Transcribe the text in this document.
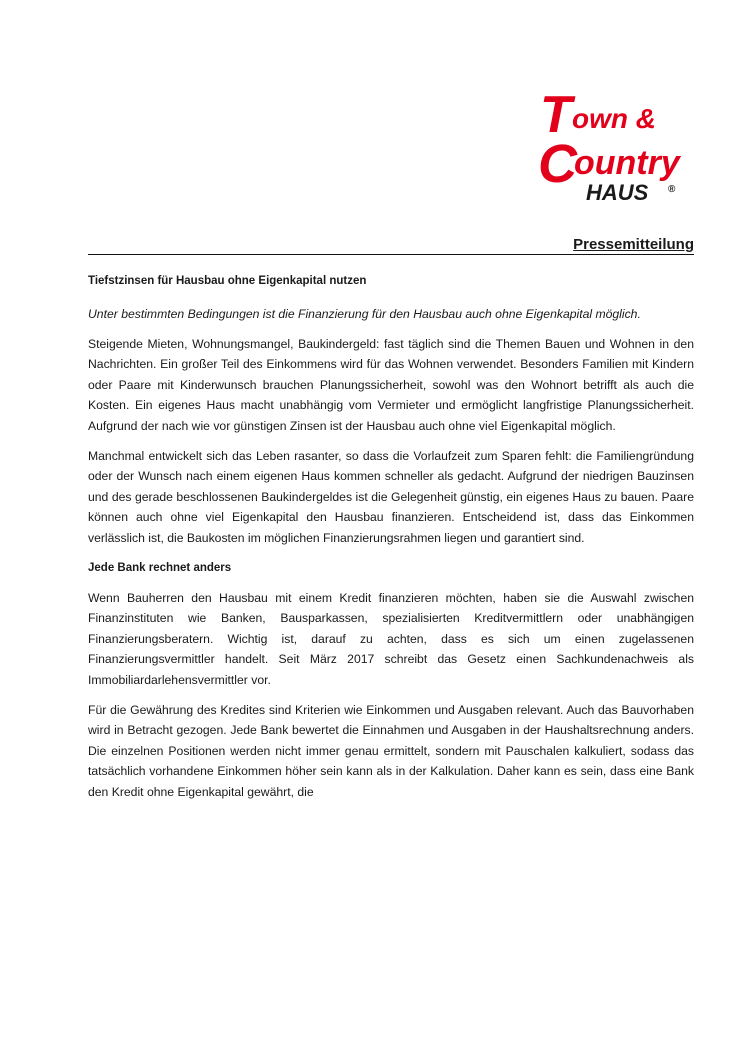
T own &
C
ountry
HAUS ®
Pressemitteilung
Tiefstzinsen für Hausbau ohne Eigenkapital nutzen

Unter bestimmten Bedingungen ist die Finanzierung für den Hausbau auch ohne Eigenkapital möglich.

Steigende Mieten, Wohnungsmangel, Baukindergeld: fast täglich sind die Themen Bauen und Wohnen in den Nachrichten. Ein großer Teil des Einkommens wird für das Wohnen verwendet. Besonders Familien mit Kindern oder Paare mit Kinderwunsch brauchen Planungssicherheit, sowohl was den Wohnort betrifft als auch die Kosten. Ein eigenes Haus macht unabhängig vom Vermieter und ermöglicht langfristige Planungssicherheit. Aufgrund der nach wie vor günstigen Zinsen ist der Hausbau auch ohne viel Eigenkapital möglich.

Manchmal entwickelt sich das Leben rasanter, so dass die Vorlaufzeit zum Sparen fehlt: die Familiengründung oder der Wunsch nach einem eigenen Haus kommen schneller als gedacht. Aufgrund der niedrigen Bauzinsen und des gerade beschlossenen Baukindergeldes ist die Gelegenheit günstig, ein eigenes Haus zu bauen. Paare können auch ohne viel Eigenkapital den Hausbau finanzieren. Entscheidend ist, dass das Einkommen verlässlich ist, die Baukosten im möglichen Finanzierungsrahmen liegen und garantiert sind.

Jede Bank rechnet anders

Wenn Bauherren den Hausbau mit einem Kredit finanzieren möchten, haben sie die Auswahl zwischen Finanzinstituten wie Banken, Bausparkassen, spezialisierten Kreditvermittlern oder unabhängigen Finanzierungsberatern. Wichtig ist, darauf zu achten, dass es sich um einen zugelassenen Finanzierungsvermittler handelt. Seit März 2017 schreibt das Gesetz einen Sachkundenachweis als Immobiliardarlehensvermittler vor.

Für die Gewährung des Kredites sind Kriterien wie Einkommen und Ausgaben relevant. Auch das Bauvorhaben wird in Betracht gezogen. Jede Bank bewertet die Einnahmen und Ausgaben in der Haushaltsrechnung anders. Die einzelnen Positionen werden nicht immer genau ermittelt, sondern mit Pauschalen kalkuliert, sodass das tatsächlich vorhandene Einkommen höher sein kann als in der Kalkulation. Daher kann es sein, dass eine Bank den Kredit ohne Eigenkapital gewährt, die
